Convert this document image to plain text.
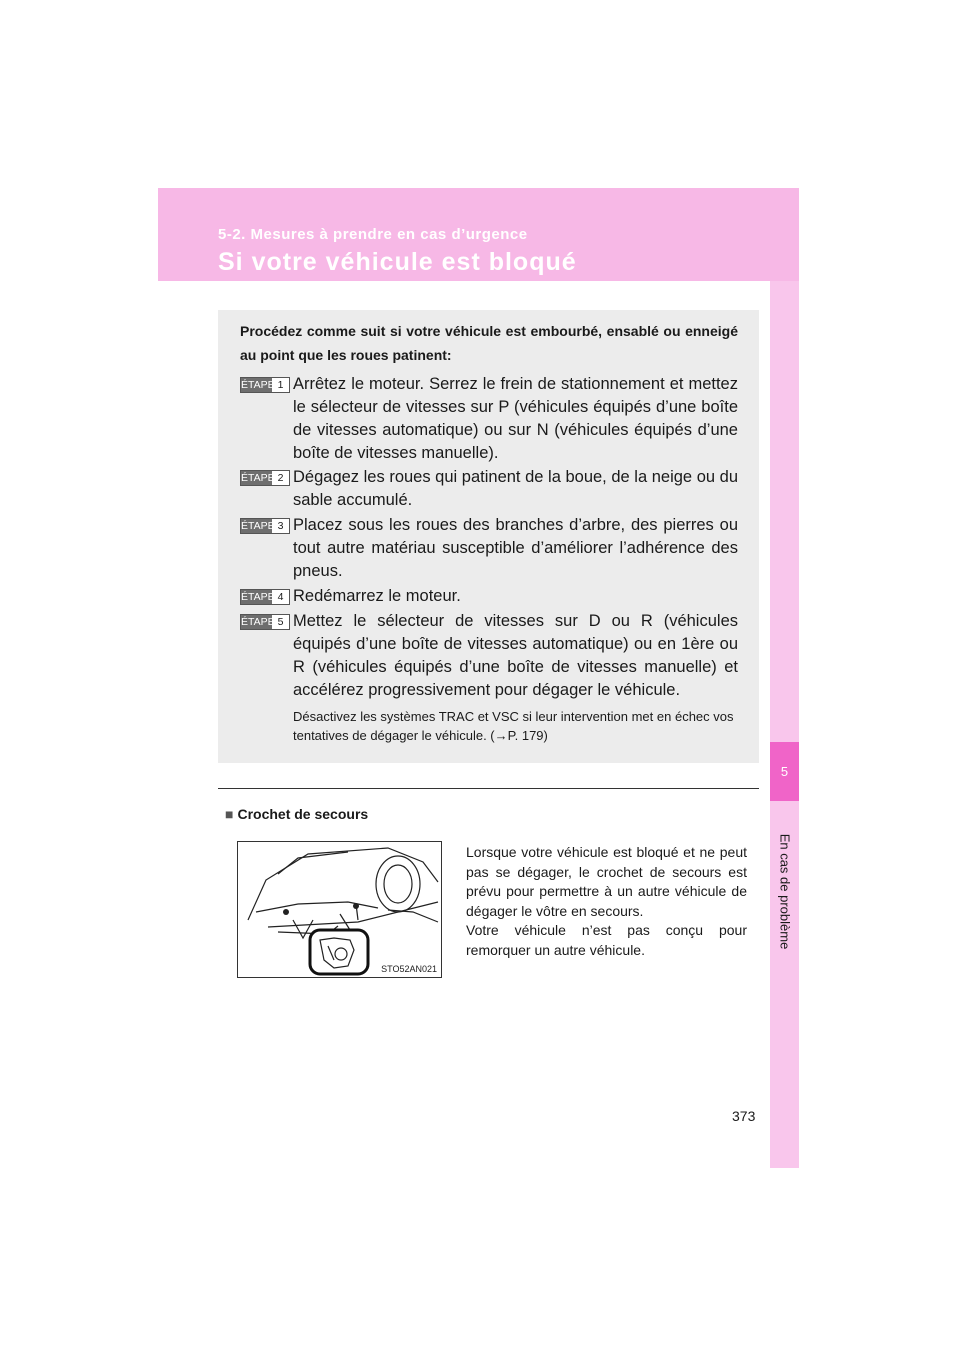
5-2. Mesures à prendre en cas d’urgence
Si votre véhicule est bloqué
5
En cas de problème
Procédez comme suit si votre véhicule est embourbé, ensablé ou enneigé au point que les roues patinent:
ÉTAPE 1 Arrêtez le moteur. Serrez le frein de stationnement et mettez le sélecteur de vitesses sur P (véhicules équipés d’une boîte de vitesses automatique) ou sur N (véhicules équipés d’une boîte de vitesses manuelle).
ÉTAPE 2 Dégagez les roues qui patinent de la boue, de la neige ou du sable accumulé.
ÉTAPE 3 Placez sous les roues des branches d’arbre, des pierres ou tout autre matériau susceptible d’améliorer l’adhérence des pneus.
ÉTAPE 4 Redémarrez le moteur.
ÉTAPE 5 Mettez le sélecteur de vitesses sur D ou R (véhicules équipés d’une boîte de vitesses automatique) ou en 1ère ou R (véhicules équipés d’une boîte de vitesses manuelle) et accélérez progressivement pour dégager le véhicule.
Désactivez les systèmes TRAC et VSC si leur intervention met en échec vos tentatives de dégager le véhicule. (→P. 179)
■ Crochet de secours
STO52AN021
Lorsque votre véhicule est bloqué et ne peut pas se dégager, le crochet de secours est prévu pour permettre à un autre véhicule de dégager le vôtre en secours.
Votre véhicule n’est pas conçu pour remorquer un autre véhicule.
373
